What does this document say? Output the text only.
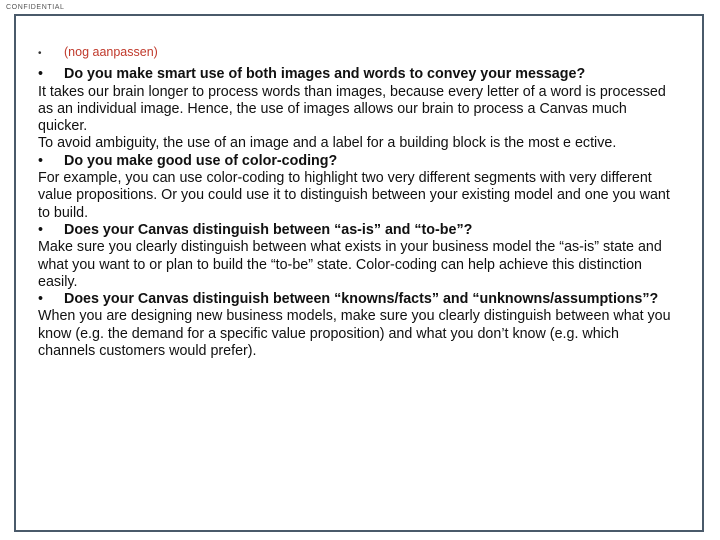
CONFIDENTIAL
•	(nog aanpassen)
•	Do you make smart use of both images and words to convey your message?
It takes our brain longer to process words than images, because every letter of a word is processed as an individual image. Hence, the use of images allows our brain to process a Canvas much quicker.
To avoid ambiguity, the use of an image and a label for a building block is the most e ective.
•	Do you make good use of color-coding?
For example, you can use color-coding to highlight two very different segments with very different value propositions. Or you could use it to distinguish between your existing model and one you want to build.
•	Does your Canvas distinguish between “as-is” and “to-be”?
Make sure you clearly distinguish between what exists in your business model the “as-is” state and what you want to or plan to build the “to-be” state. Color-coding can help achieve this distinction easily.
•	Does your Canvas distinguish between “knowns/facts” and “unknowns/assumptions”?
When you are designing new business models, make sure you clearly distinguish between what you know (e.g. the demand for a specific value proposition) and what you don’t know (e.g. which channels customers would prefer).
